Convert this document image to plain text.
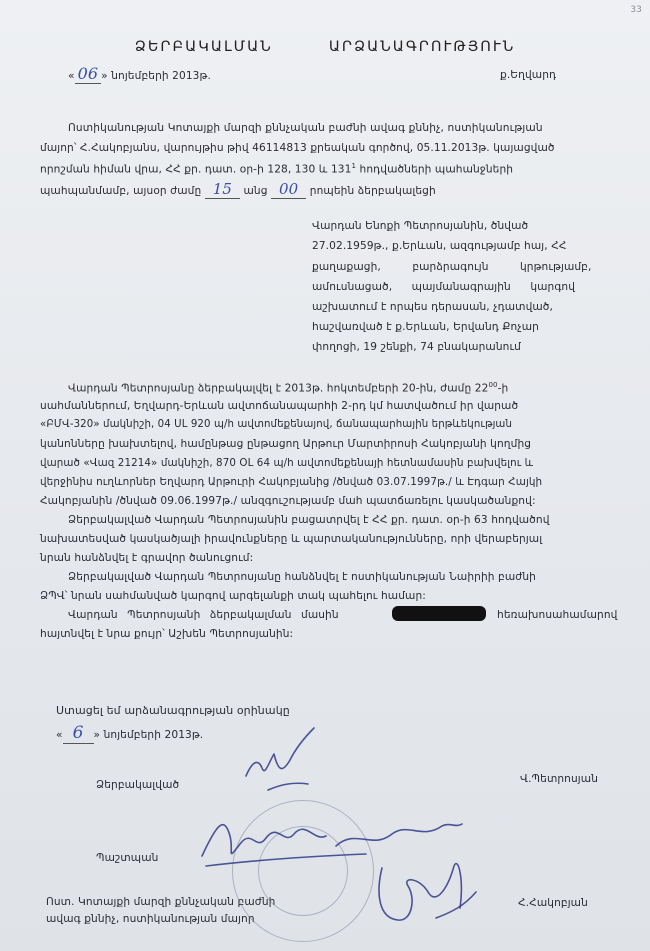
33
ՁԵՐԲԱԿԱԼՄԱՆ	ԱՐՁԱՆԱԳՐՈՒԹՅՈՒՆ
« 06 » նոյեմբերի 2013թ.	ք.Եղվարդ
Ոստիկանության Կոտայքի մարզի քննչական բաժնի ավագ քննիչ, ոստիկանության
մայոր՝ Հ.Հակոբյանս, վարույթիս թիվ 46114813 քրեական գործով, 05.11.2013թ. կայացված
որոշման հիման վրա, ՀՀ քր. դատ. օր-ի 128, 130 և $131^1$ հոդվածների պահանջների
պահպանմամբ, այսօր ժամը 15 անց 00 րոպեին ձերբակալեցի
Վարդան Ենոքի Պետրոսյանին, ծնված
27.02.1959թ., ք.Երևան, ազգությամբ հայ, ՀՀ
քաղաքացի, բարձրագույն կրթությամբ,
ամուսնացած, պայմանագրային կարգով
աշխատում է որպես դերասան, չդատված,
հաշվառված է ք.Երևան, Երվանդ Քոչար
փողոցի, 19 շենքի, 74 բնակարանում
Վարդան Պետրոսյանը ձերբակալվել է 2013թ. հոկտեմբերի 20-ին, ժամը $22^{00}-ի$
սահմաններում, Եղվարդ-Երևան ավտոճանապարհի 2-րդ կմ հատվածում իր վարած
«ԲՄՎ-320» մակնիշի, 04 UL 920 պ/հ ավտոմեքենայով, ճանապարհային երթևեկության
կանոնները խախտելով, համընթաց ընթացող Արթուր Մարտիրոսի Հակոբյանի կողմից
վարած «Վազ 21214» մակնիշի, 870 OL 64 պ/հ ավտոմեքենայի հետնամասին բախվելու և
վերջինիս ուղևորներ Եղվարդ Արթուրի Հակոբյանից /ծնված 03.07.1997թ./ և Էդգար Հայկի
Հակոբյանին /ծնված 09.06.1997թ./ անզգուշությամբ մահ պատճառելու կասկածանքով:
Ձերբակալված Վարդան Պետրոսյանին բացատրվել է ՀՀ քր. դատ. օր-ի 63 հոդվածով
նախատեսված կասկածյալի իրավունքները և պարտականությունները, որի վերաբերյալ
նրան հանձնվել է գրավոր ծանուցում:
Ձերբակալված Վարդան Պետրոսյանը հանձնվել է ոստիկանության Նաիրիի բաժնի
ՁՊՎ՝ նրան սահմանված կարգով արգելանքի տակ պահելու համար:
Վարդան Պետրոսյանի ձերբակալման մասին	հեռախոսահամարով
հայտնվել է նրա քույր՝ Աշխեն Պետրոսյանին:
Ստացել եմ արձանագրության օրինակը
« 6 » նոյեմբերի 2013թ.
Ձերբակալված	Վ.Պետրոսյան
Պաշտպան
Ոստ. Կոտայքի մարզի քննչական բաժնի
ավագ քննիչ, ոստիկանության մայոր
Հ.Հակոբյան
